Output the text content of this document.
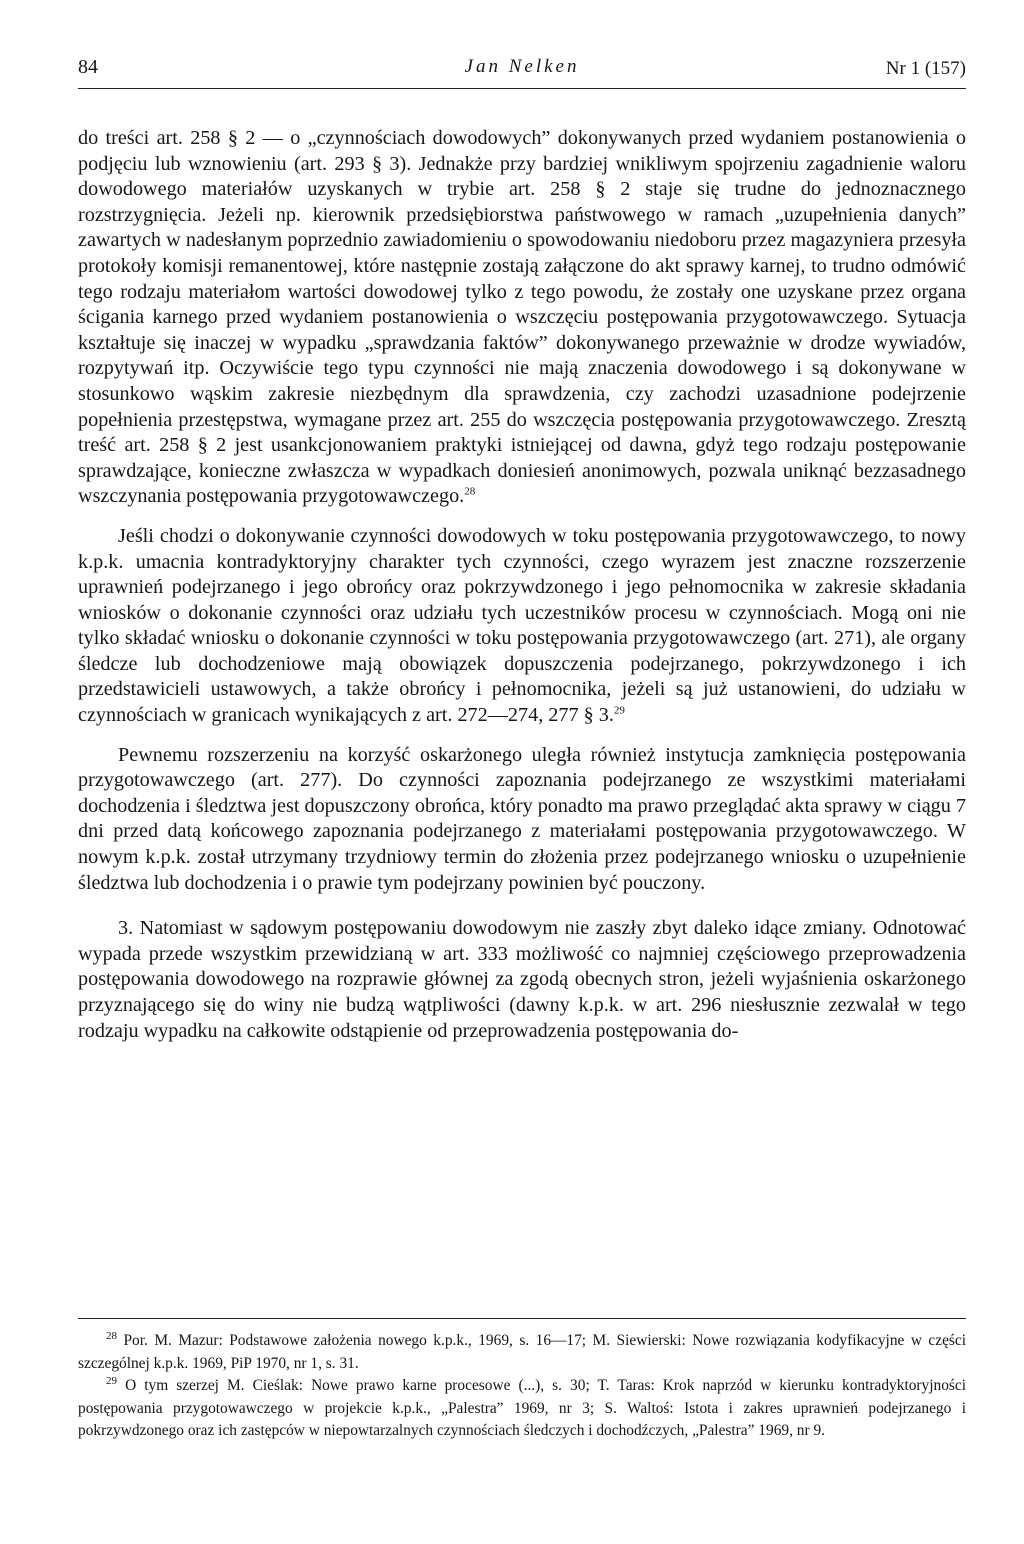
84	Jan Nelken	Nr 1 (157)

do treści art. 258 § 2 — o „czynnościach dowodowych” dokonywanych przed wydaniem postanowienia o podjęciu lub wznowieniu (art. 293 § 3). Jednakże przy bardziej wnikliwym spojrzeniu zagadnienie waloru dowodowego materiałów uzyskanych w trybie art. 258 § 2 staje się trudne do jednoznacznego rozstrzygnięcia. Jeżeli np. kierownik przedsiębiorstwa państwowego w ramach „uzupełnienia danych” zawartych w nadesłanym poprzednio zawiadomieniu o spowodowaniu niedoboru przez magazyniera przesyła protokoły komisji remanentowej, które następnie zostają załączone do akt sprawy karnej, to trudno odmówić tego rodzaju materiałom wartości dowodowej tylko z tego powodu, że zostały one uzyskane przez organa ścigania karnego przed wydaniem postanowienia o wszczęciu postępowania przygotowawczego. Sytuacja kształtuje się inaczej w wypadku „sprawdzania faktów” dokonywanego przeważnie w drodze wywiadów, rozpytywań itp. Oczywiście tego typu czynności nie mają znaczenia dowodowego i są dokonywane w stosunkowo wąskim zakresie niezbędnym dla sprawdzenia, czy zachodzi uzasadnione podejrzenie popełnienia przestępstwa, wymagane przez art. 255 do wszczęcia postępowania przygotowawczego. Zresztą treść art. 258 § 2 jest usankcjonowaniem praktyki istniejącej od dawna, gdyż tego rodzaju postępowanie sprawdzające, konieczne zwłaszcza w wypadkach doniesień anonimowych, pozwala uniknąć bezzasadnego wszczynania postępowania przygotowawczego.$^{28}$

Jeśli chodzi o dokonywanie czynności dowodowych w toku postępowania przygotowawczego, to nowy k.p.k. umacnia kontradyktoryjny charakter tych czynności, czego wyrazem jest znaczne rozszerzenie uprawnień podejrzanego i jego obrońcy oraz pokrzywdzonego i jego pełnomocnika w zakresie składania wniosków o dokonanie czynności oraz udziału tych uczestników procesu w czynnościach. Mogą oni nie tylko składać wniosku o dokonanie czynności w toku postępowania przygotowawczego (art. 271), ale organy śledcze lub dochodzeniowe mają obowiązek dopuszczenia podejrzanego, pokrzywdzonego i ich przedstawicieli ustawowych, a także obrońcy i pełnomocnika, jeżeli są już ustanowieni, do udziału w czynnościach w granicach wynikających z art. 272—274, 277 § 3.29

Pewnemu rozszerzeniu na korzyść oskarżonego uległa również instytucja zamknięcia postępowania przygotowawczego (art. 277). Do czynności zapoznania podejrzanego ze wszystkimi materiałami dochodzenia i śledztwa jest dopuszczony obrońca, który ponadto ma prawo przeglądać akta sprawy w ciągu 7 dni przed datą końcowego zapoznania podejrzanego z materiałami postępowania przygotowawczego. W nowym k.p.k. został utrzymany trzydniowy termin do złożenia przez podejrzanego wniosku o uzupełnienie śledztwa lub dochodzenia i o prawie tym podejrzany powinien być pouczony.

3. Natomiast w sądowym postępowaniu dowodowym nie zaszły zbyt daleko idące zmiany. Odnotować wypada przede wszystkim przewidzianą w art. 333 możliwość co najmniej częściowego przeprowadzenia postępowania dowodowego na rozprawie głównej za zgodą obecnych stron, jeżeli wyjaśnienia oskarżonego przyznającego się do winy nie budzą wątpliwości (dawny k.p.k. w art. 296 niesłusznie zezwalał w tego rodzaju wypadku na całkowite odstąpienie od przeprowadzenia postępowania do-

$^{28}$ Por. M. Mazur: Podstawowe założenia nowego k.p.k., 1969, s. 16—17; M. Siewierski: Nowe rozwiązania kodyfikacyjne w części szczególnej k.p.k. 1969, PiP 1970, nr 1, s. 31.

$^{29}$ O tym szerzej M. Cieślak: Nowe prawo karne procesowe (...), s. 30; T. Taras: Krok naprzód w kierunku kontradyktoryjności postępowania przygotowawczego w projekcie k.p.k., „Palestra” 1969, nr 3; S. Waltoś: Istota i zakres uprawnień podejrzanego i pokrzywdzonego oraz ich zastępców w niepowtarzalnych czynnościach śledczych i dochodźczych, „Palestra” 1969, nr 9.
